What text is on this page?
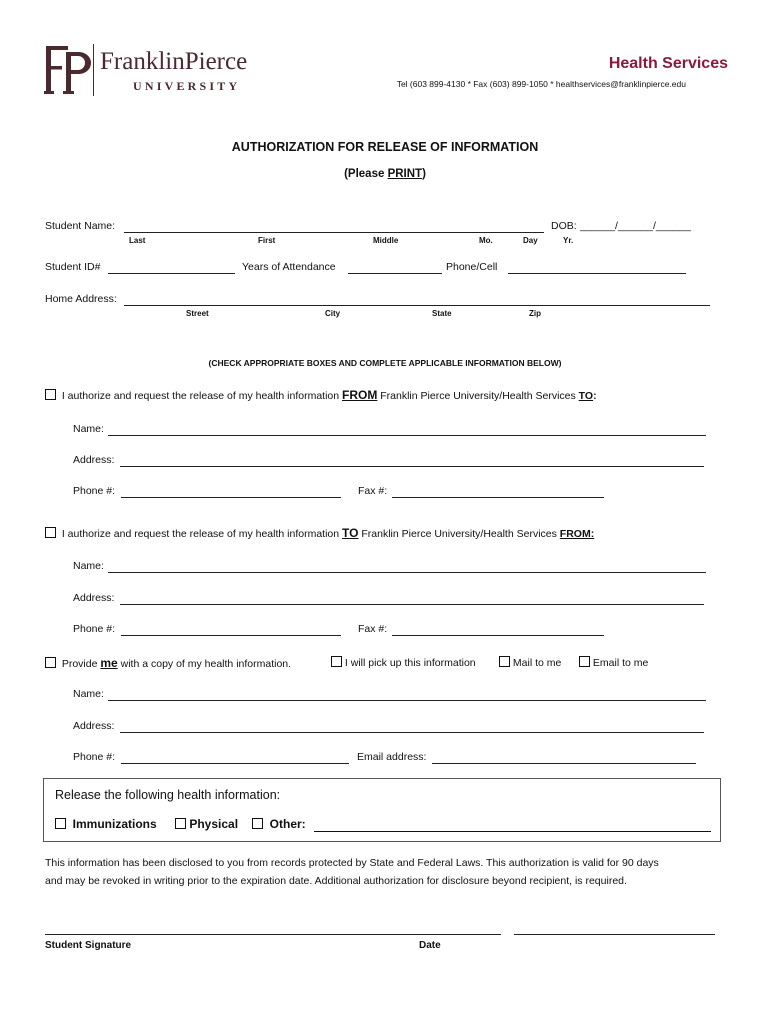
FranklinPierce
UNIVERSITY
Health Services
Tel (603 899-4130 * Fax (603) 899-1050 * healthservices@franklinpierce.edu
AUTHORIZATION FOR RELEASE OF INFORMATION
(Please PRINT)
Student Name:	DOB: ______/______/______
Last	First	Middle	Mo.	Day	Yr.
Student ID#	Years of Attendance	Phone/Cell
Home Address:
Street	City	State	Zip
(CHECK APPROPRIATE BOXES AND COMPLETE APPLICABLE INFORMATION BELOW)
I authorize and request the release of my health information FROM Franklin Pierce University/Health Services TO:
Name:
Address:
Phone #:	Fax #:
I authorize and request the release of my health information TO Franklin Pierce University/Health Services FROM:
Name:
Address:
Phone #:	Fax #:
Provide me with a copy of my health information.	I will pick up this information	Mail to me	Email to me
Name:
Address:
Phone #:	Email address:
Release the following health information:
Immunizations	Physical	Other:
This information has been disclosed to you from records protected by State and Federal Laws. This authorization is valid for 90 days
and may be revoked in writing prior to the expiration date. Additional authorization for disclosure beyond recipient, is required.
Student Signature	Date
